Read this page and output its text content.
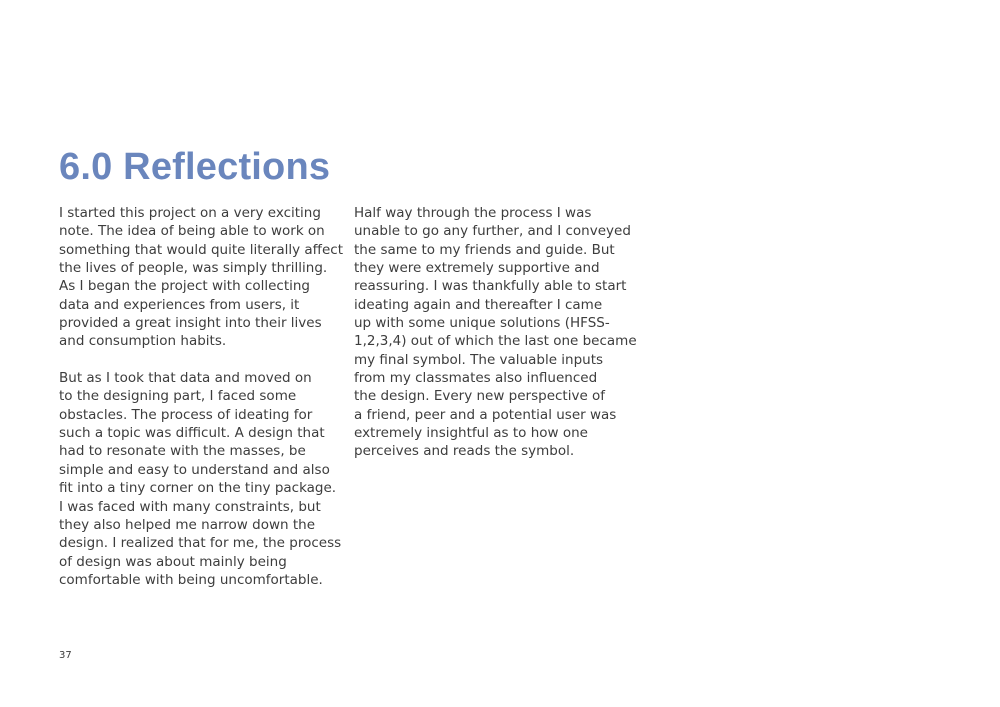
6.0 Reflections
I started this project on a very exciting
note. The idea of being able to work on
something that would quite literally affect
the lives of people, was simply thrilling.
As I began the project with collecting
data and experiences from users, it
provided a great insight into their lives
and consumption habits.
But as I took that data and moved on
to the designing part, I faced some
obstacles. The process of ideating for
such a topic was difficult. A design that
had to resonate with the masses, be
simple and easy to understand and also
fit into a tiny corner on the tiny package.
I was faced with many constraints, but
they also helped me narrow down the
design. I realized that for me, the process
of design was about mainly being
comfortable with being uncomfortable.
Half way through the process I was
unable to go any further, and I conveyed
the same to my friends and guide. But
they were extremely supportive and
reassuring. I was thankfully able to start
ideating again and thereafter I came
up with some unique solutions (HFSS-
1,2,3,4) out of which the last one became
my final symbol. The valuable inputs
from my classmates also influenced
the design. Every new perspective of
a friend, peer and a potential user was
extremely insightful as to how one
perceives and reads the symbol.
37
